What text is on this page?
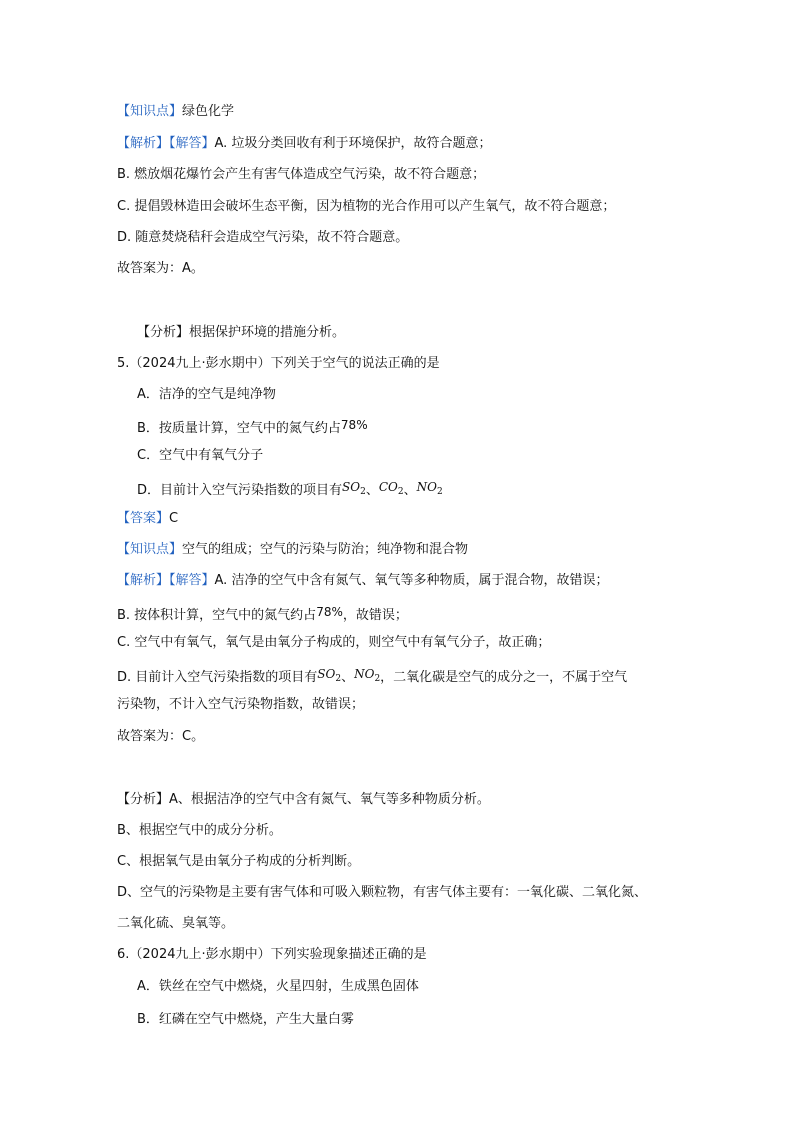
【知识点】绿色化学
【解析】【解答】A. 垃圾分类回收有利于环境保护，故符合题意；
B. 燃放烟花爆竹会产生有害气体造成空气污染，故不符合题意；
C. 提倡毁林造田会破坏生态平衡，因为植物的光合作用可以产生氧气，故不符合题意；
D. 随意焚烧秸秆会造成空气污染，故不符合题意。
故答案为：A。
【分析】根据保护环境的措施分析。
5.（2024九上·彭水期中）下列关于空气的说法正确的是
A．洁净的空气是纯净物
B．按质量计算，空气中的氮气约占78%
C．空气中有氧气分子
D．目前计入空气污染指数的项目有$SO_2$、$CO_2$、$NO_2$
【答案】C
【知识点】空气的组成；空气的污染与防治；纯净物和混合物
【解析】【解答】A. 洁净的空气中含有氮气、氧气等多种物质，属于混合物，故错误；
B. 按体积计算，空气中的氮气约占78%，故错误；
C. 空气中有氧气，氧气是由氧分子构成的，则空气中有氧气分子，故正确；
D. 目前计入空气污染指数的项目有$SO_2$、$NO_2$，二氧化碳是空气的成分之一，不属于空气
污染物，不计入空气污染物指数，故错误；
故答案为：C。
【分析】A、根据洁净的空气中含有氮气、氧气等多种物质分析。
B、根据空气中的成分分析。
C、根据氧气是由氧分子构成的分析判断。
D、空气的污染物是主要有害气体和可吸入颗粒物，有害气体主要有：一氧化碳、二氧化氮、
二氧化硫、臭氧等。
6.（2024九上·彭水期中）下列实验现象描述正确的是
A．铁丝在空气中燃烧，火星四射，生成黑色固体
B．红磷在空气中燃烧，产生大量白雾
